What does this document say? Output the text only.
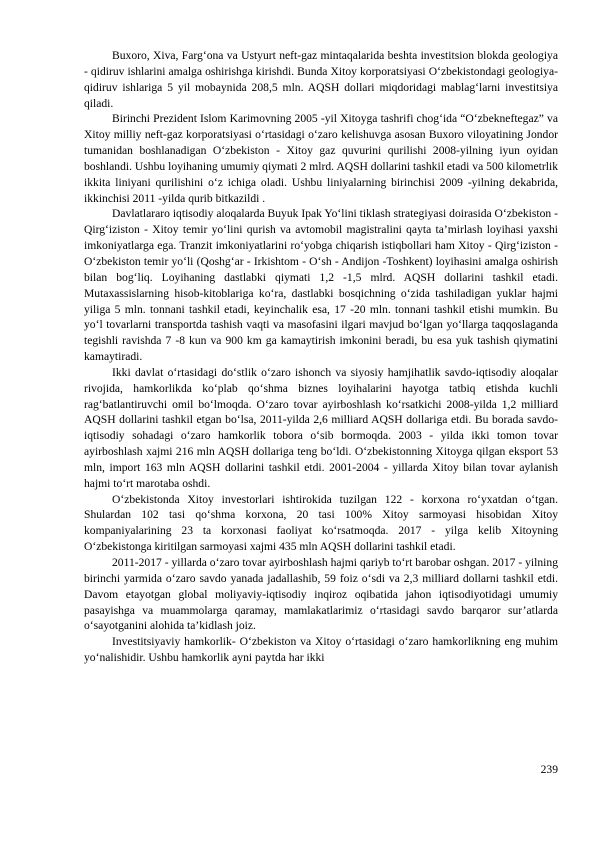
Buxoro, Xiva, Farg‘ona va Ustyurt neft-gaz mintaqalarida beshta investitsion blokda geologiya - qidiruv ishlarini amalga oshirishga kirishdi. Bunda Xitoy korporatsiyasi O‘zbekistondagi geologiya-qidiruv ishlariga 5 yil mobaynida 208,5 mln. AQSH dollari miqdoridagi mablag‘larni investitsiya qiladi.

Birinchi Prezident Islom Karimovning 2005 -yil Xitoyga tashrifi chog‘ida “O‘zbekneftegaz” va Xitoy milliy neft-gaz korporatsiyasi o‘rtasidagi o‘zaro kelishuvga asosan Buxoro viloyatining Jondor tumanidan boshlanadigan O‘zbekiston - Xitoy gaz quvurini qurilishi 2008-yilning iyun oyidan boshlandi. Ushbu loyihaning umumiy qiymati 2 mlrd. AQSH dollarini tashkil etadi va 500 kilometrlik ikkita liniyani qurilishini o‘z ichiga oladi. Ushbu liniyalarning birinchisi 2009 -yilning dekabrida, ikkinchisi 2011 -yilda qurib bitkazildi .

Davlatlararo iqtisodiy aloqalarda Buyuk Ipak Yo‘lini tiklash strategiyasi doirasida O‘zbekiston - Qirg‘iziston - Xitoy temir yo‘lini qurish va avtomobil magistralini qayta ta’mirlash loyihasi yaxshi imkoniyatlarga ega. Tranzit imkoniyatlarini ro‘yobga chiqarish istiqbollari ham Xitoy - Qirg‘iziston - O‘zbekiston temir yo‘li (Qoshg‘ar - Irkishtom - O‘sh - Andijon -Toshkent) loyihasini amalga oshirish bilan bog‘liq. Loyihaning dastlabki qiymati 1,2 -1,5 mlrd. AQSH dollarini tashkil etadi. Mutaxassislarning hisob-kitoblariga ko‘ra, dastlabki bosqichning o‘zida tashiladigan yuklar hajmi yiliga 5 mln. tonnani tashkil etadi, keyinchalik esa, 17 -20 mln. tonnani tashkil etishi mumkin. Bu yo‘l tovarlarni transportda tashish vaqti va masofasini ilgari mavjud bo‘lgan yo‘llarga taqqoslaganda tegishli ravishda 7 -8 kun va 900 km ga kamaytirish imkonini beradi, bu esa yuk tashish qiymatini kamaytiradi.

Ikki davlat o‘rtasidagi do‘stlik o‘zaro ishonch va siyosiy hamjihatlik savdo-iqtisodiy aloqalar rivojida, hamkorlikda ko‘plab qo‘shma biznes loyihalarini hayotga tatbiq etishda kuchli rag‘batlantiruvchi omil bo‘lmoqda. O‘zaro tovar ayirboshlash ko‘rsatkichi 2008-yilda 1,2 milliard AQSH dollarini tashkil etgan bo‘lsa, 2011-yilda 2,6 milliard AQSH dollariga etdi. Bu borada savdo-iqtisodiy sohadagi o‘zaro hamkorlik tobora o‘sib bormoqda. 2003 - yilda ikki tomon tovar ayirboshlash xajmi 216 mln AQSH dollariga teng bo‘ldi. O‘zbekistonning Xitoyga qilgan eksport 53 mln, import 163 mln AQSH dollarini tashkil etdi. 2001-2004 - yillarda Xitoy bilan tovar aylanish hajmi to‘rt marotaba oshdi.

O‘zbekistonda Xitoy investorlari ishtirokida tuzilgan 122 - korxona ro‘yxatdan o‘tgan. Shulardan 102 tasi qo‘shma korxona, 20 tasi 100% Xitoy sarmoyasi hisobidan Xitoy kompaniyalarining 23 ta korxonasi faoliyat ko‘rsatmoqda. 2017 - yilga kelib Xitoyning O‘zbekistonga kiritilgan sarmoyasi xajmi 435 mln AQSH dollarini tashkil etadi.

2011-2017 - yillarda o‘zaro tovar ayirboshlash hajmi qariyb to‘rt barobar oshgan. 2017 - yilning birinchi yarmida o‘zaro savdo yanada jadallashib, 59 foiz o‘sdi va 2,3 milliard dollarni tashkil etdi. Davom etayotgan global moliyaviy-iqtisodiy inqiroz oqibatida jahon iqtisodiyotidagi umumiy pasayishga va muammolarga qaramay, mamlakatlarimiz o‘rtasidagi savdo barqaror sur’atlarda o‘sayotganini alohida ta’kidlash joiz.

Investitsiyaviy hamkorlik- O‘zbekiston va Xitoy o‘rtasidagi o‘zaro hamkorlikning eng muhim yo‘nalishidir. Ushbu hamkorlik ayni paytda har ikki

239
